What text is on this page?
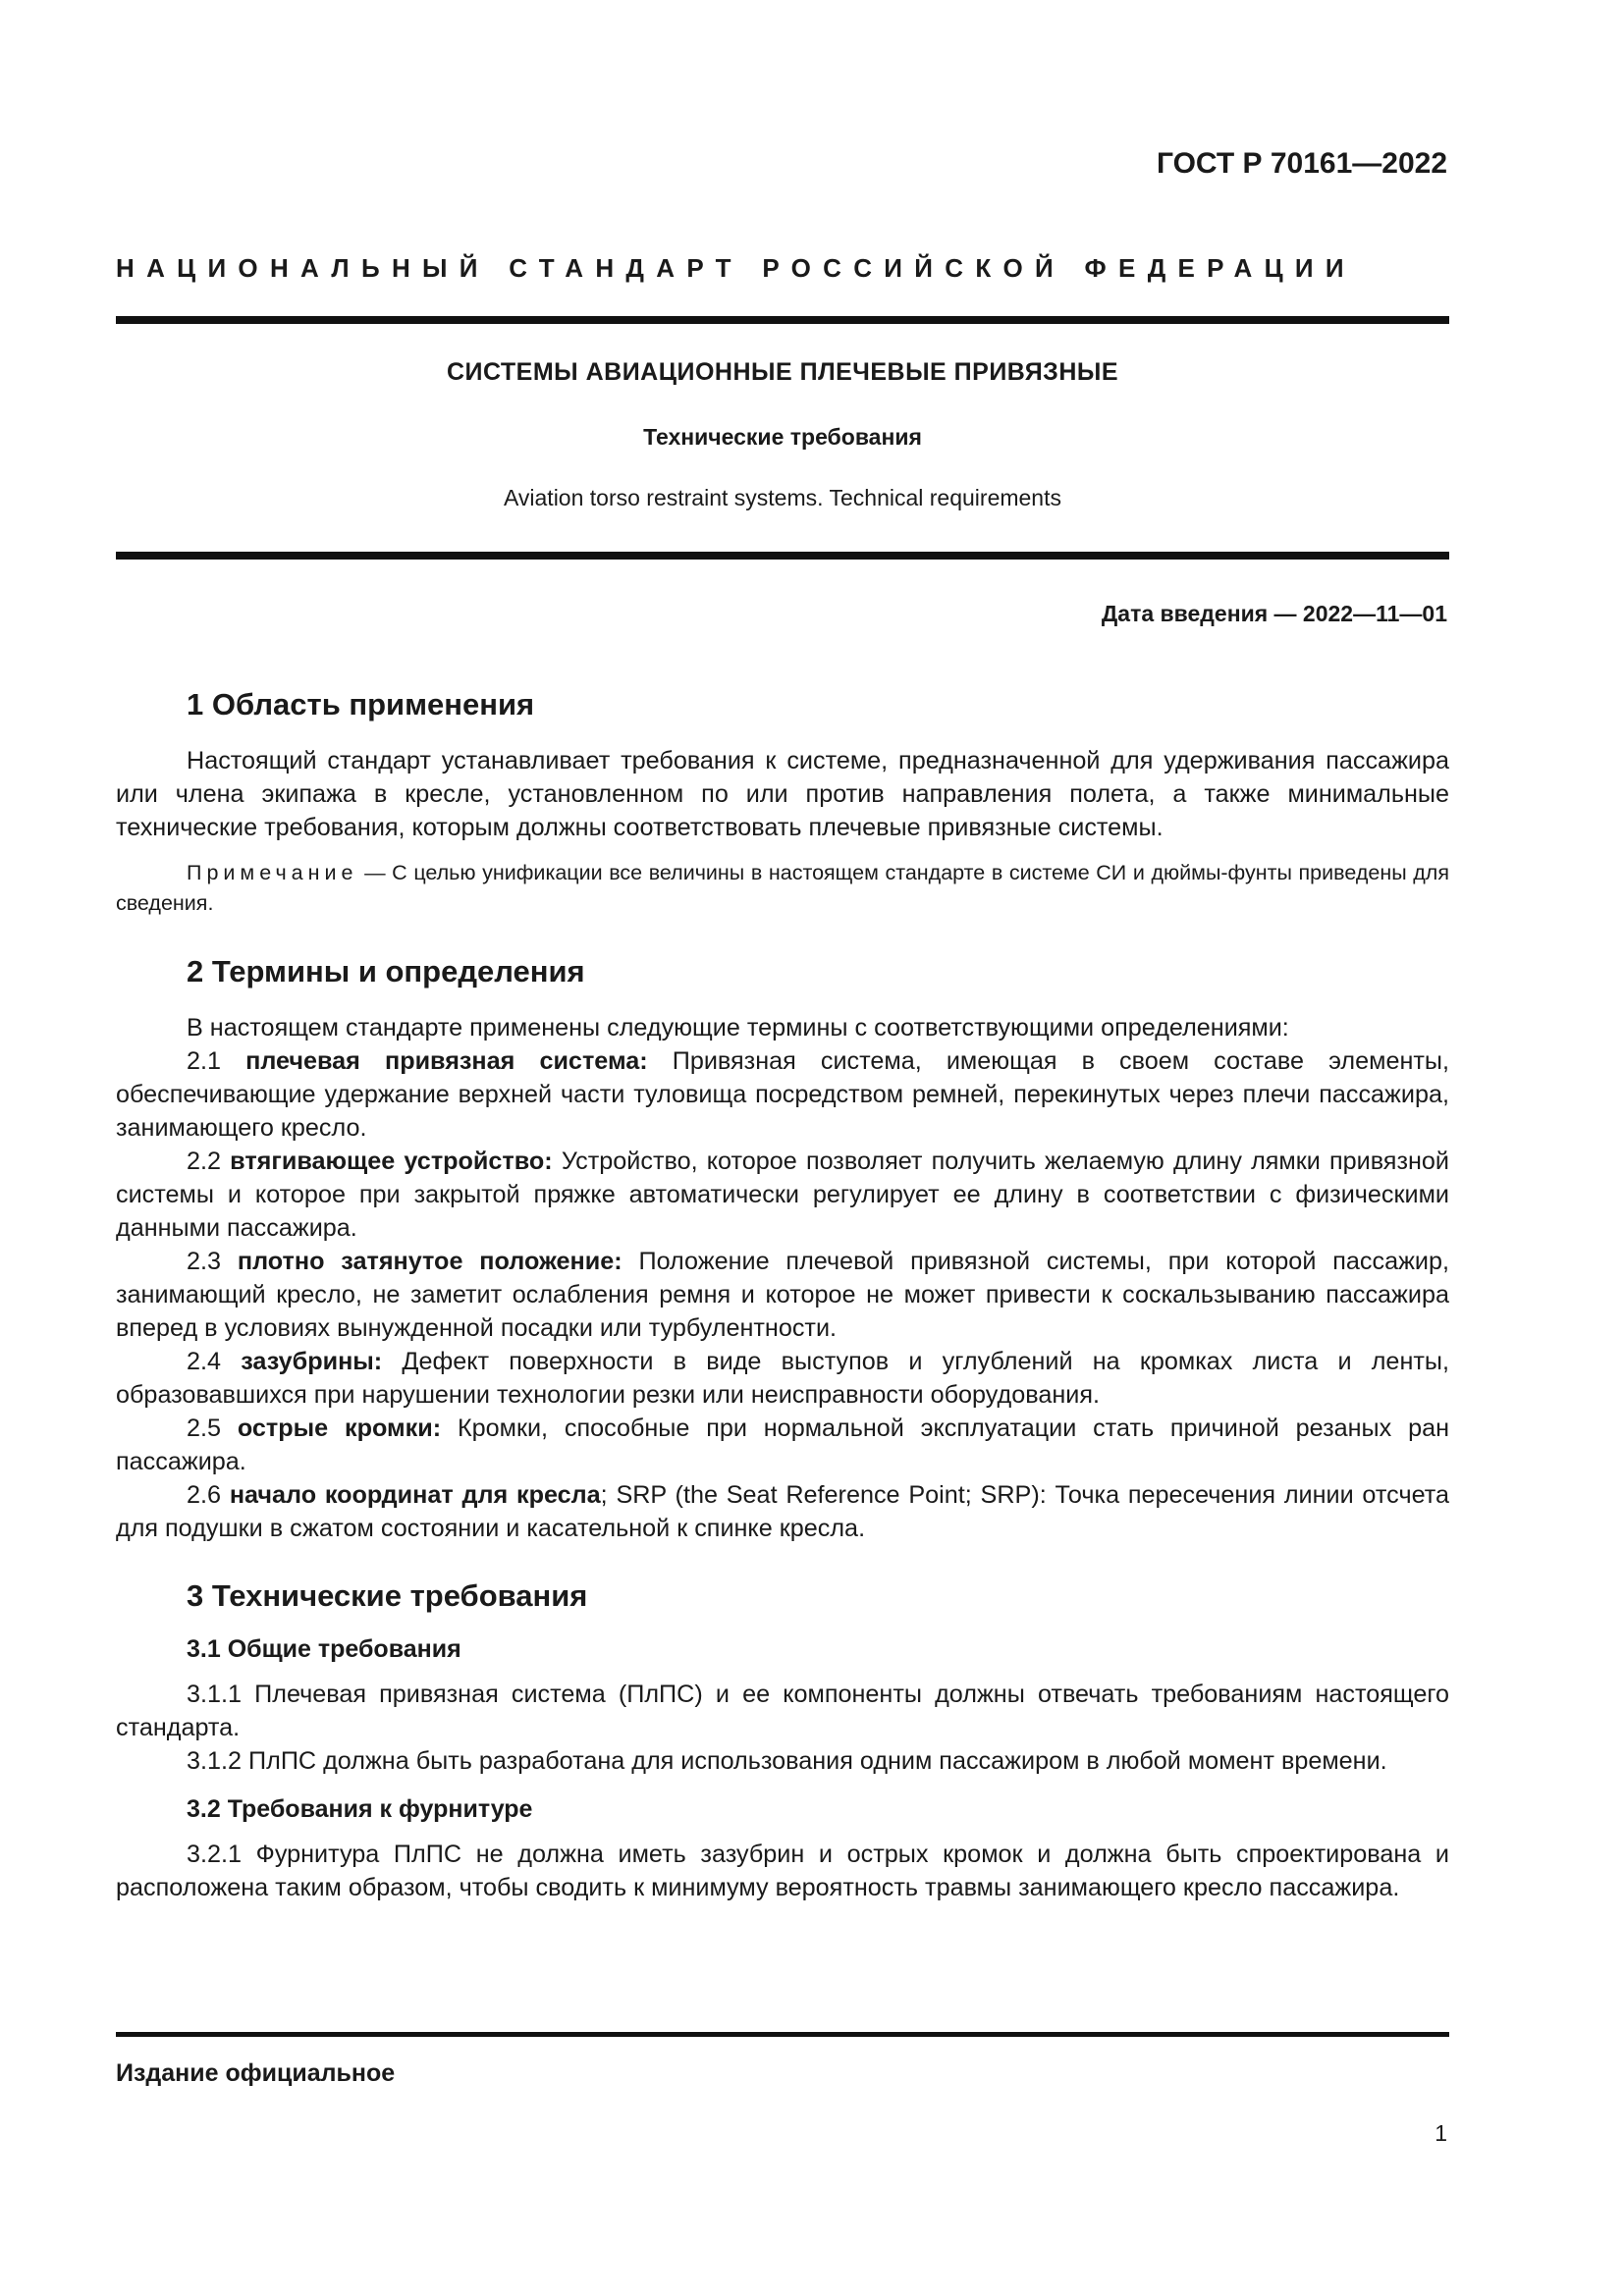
ГОСТ Р 70161—2022
НАЦИОНАЛЬНЫЙ СТАНДАРТ РОССИЙСКОЙ ФЕДЕРАЦИИ
СИСТЕМЫ АВИАЦИОННЫЕ ПЛЕЧЕВЫЕ ПРИВЯЗНЫЕ
Технические требования
Aviation torso restraint systems. Technical requirements
Дата введения — 2022—11—01
1 Область применения

Настоящий стандарт устанавливает требования к системе, предназначенной для удерживания пассажира или члена экипажа в кресле, установленном по или против направления полета, а также минимальные технические требования, которым должны соответствовать плечевые привязные системы.

Примечание — С целью унификации все величины в настоящем стандарте в системе СИ и дюймы-фунты приведены для сведения.

2 Термины и определения

В настоящем стандарте применены следующие термины с соответствующими определениями:

2.1 плечевая привязная система: Привязная система, имеющая в своем составе элементы, обеспечивающие удержание верхней части туловища посредством ремней, перекинутых через плечи пассажира, занимающего кресло.

2.2 втягивающее устройство: Устройство, которое позволяет получить желаемую длину лямки привязной системы и которое при закрытой пряжке автоматически регулирует ее длину в соответствии с физическими данными пассажира.

2.3 плотно затянутое положение: Положение плечевой привязной системы, при которой пассажир, занимающий кресло, не заметит ослабления ремня и которое не может привести к соскальзыванию пассажира вперед в условиях вынужденной посадки или турбулентности.

2.4 зазубрины: Дефект поверхности в виде выступов и углублений на кромках листа и ленты, образовавшихся при нарушении технологии резки или неисправности оборудования.

2.5 острые кромки: Кромки, способные при нормальной эксплуатации стать причиной резаных ран пассажира.

2.6 начало координат для кресла; SRP (the Seat Reference Point; SRP): Точка пересечения линии отсчета для подушки в сжатом состоянии и касательной к спинке кресла.

3 Технические требования
3.1 Общие требования

3.1.1 Плечевая привязная система (ПлПС) и ее компоненты должны отвечать требованиям настоящего стандарта.

3.1.2 ПлПС должна быть разработана для использования одним пассажиром в любой момент времени.

3.2 Требования к фурнитуре

3.2.1 Фурнитура ПлПС не должна иметь зазубрин и острых кромок и должна быть спроектирована и расположена таким образом, чтобы сводить к минимуму вероятность травмы занимающего кресло пассажира.

Издание официальное
1
